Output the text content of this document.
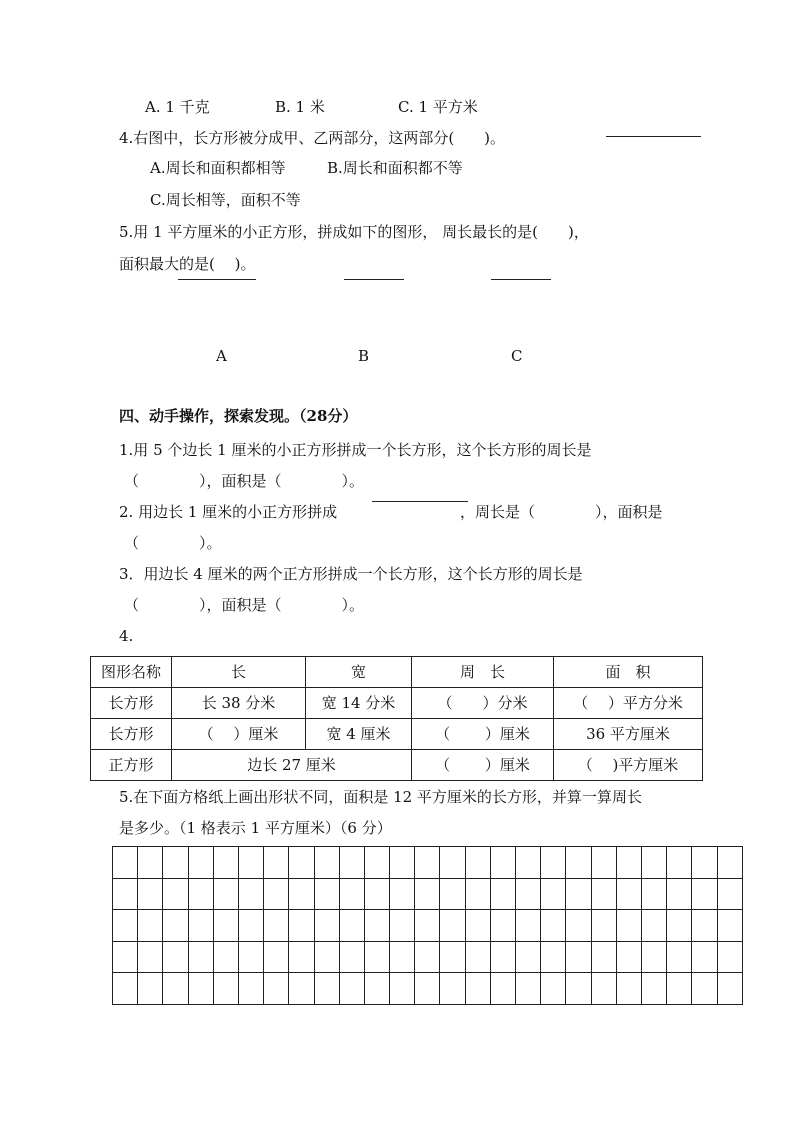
A. 1 千克	B. 1 米	C. 1 平方米
4.右图中，长方形被分成甲、乙两部分，这两部分(　　)。
A.周长和面积都相等	B.周长和面积都不等
C.周长相等，面积不等
5.用 1 平方厘米的小正方形，拼成如下的图形， 周长最长的是(　　)，
面积最大的是(　 )。
A	B	C
四、动手操作，探索发现。（28分）
1.用 5 个边长 1 厘米的小正方形拼成一个长方形，这个长方形的周长是
（　　　　），面积是（　　　　）。
2. 用边长 1 厘米的小正方形拼成	，周长是（　　　　），面积是
（　　　　）。
3．用边长 4 厘米的两个正方形拼成一个长方形，这个长方形的周长是
（　　　　），面积是（　　　　）。
4.
图形名称	长	宽	周　长	面　积
长方形	长 38 分米	宽 14 分米	（　　）分米	（　 ）平方分米
长方形	（　 ）厘米	宽 4 厘米	（　　 ）厘米	36 平方厘米
正方形	边长 27 厘米		（　　 ）厘米	（　 )平方厘米
5.在下面方格纸上画出形状不同，面积是 12 平方厘米的长方形，并算一算周长
是多少。（1 格表示 1 平方厘米）（6 分）
